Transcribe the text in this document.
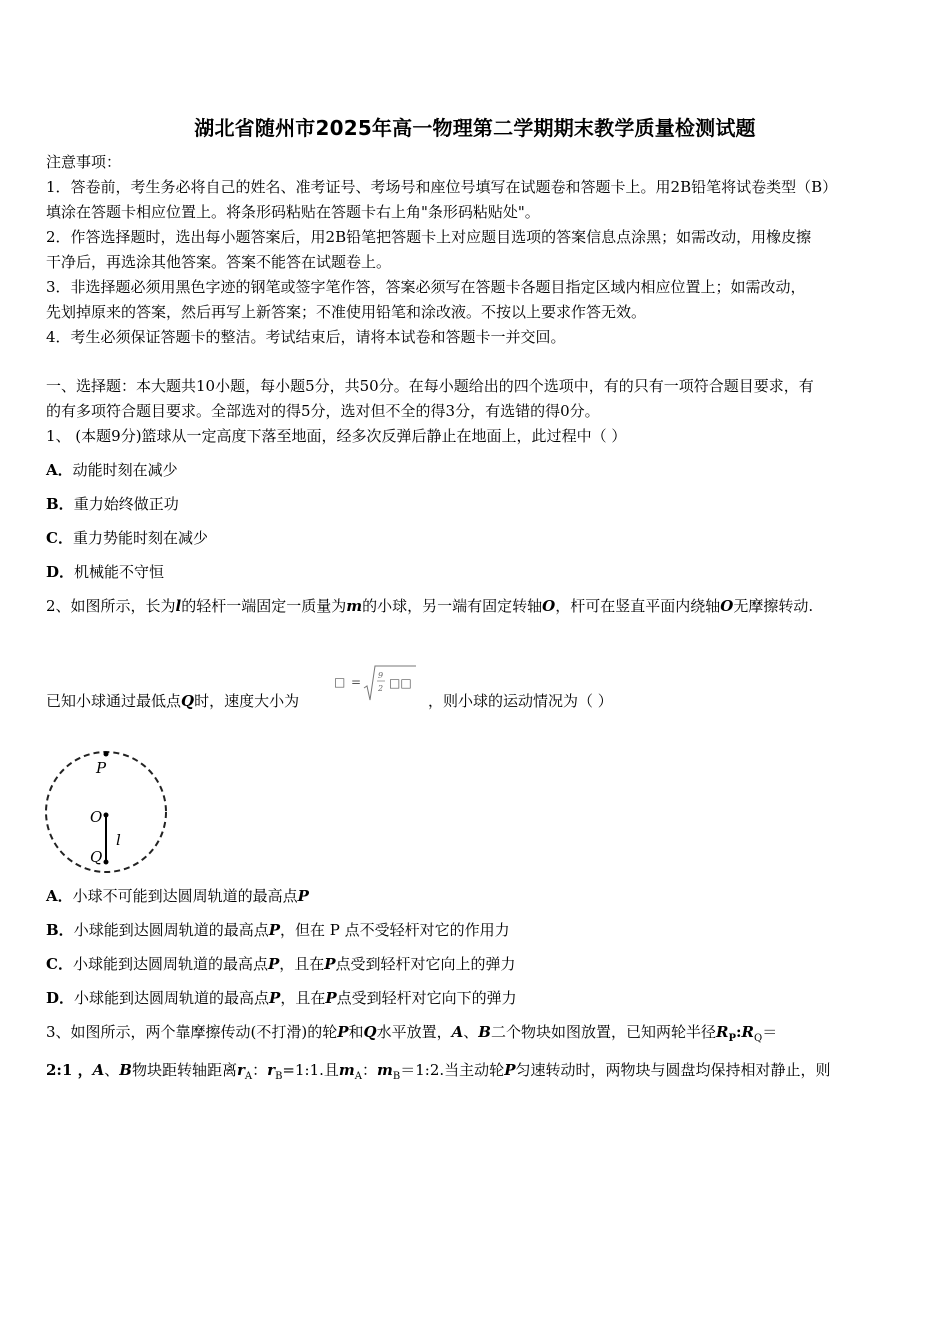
湖北省随州市2025年高一物理第二学期期末教学质量检测试题
注意事项：
1．答卷前，考生务必将自己的姓名、准考证号、考场号和座位号填写在试题卷和答题卡上。用2B铅笔将试卷类型（B）
填涂在答题卡相应位置上。将条形码粘贴在答题卡右上角"条形码粘贴处"。
2．作答选择题时，选出每小题答案后，用2B铅笔把答题卡上对应题目选项的答案信息点涂黑；如需改动，用橡皮擦
干净后，再选涂其他答案。答案不能答在试题卷上。
3．非选择题必须用黑色字迹的钢笔或签字笔作答，答案必须写在答题卡各题目指定区域内相应位置上；如需改动，
先划掉原来的答案，然后再写上新答案；不准使用铅笔和涂改液。不按以上要求作答无效。
4．考生必须保证答题卡的整洁。考试结束后，请将本试卷和答题卡一并交回。
一、选择题：本大题共10小题，每小题5分，共50分。在每小题给出的四个选项中，有的只有一项符合题目要求，有
的有多项符合题目要求。全部选对的得5分，选对但不全的得3分，有选错的得0分。
1、 (本题9分)篮球从一定高度下落至地面，经多次反弹后静止在地面上，此过程中（ ）
A．动能时刻在减少
B．重力始终做正功
C．重力势能时刻在减少
D．机械能不守恒
2、如图所示，长为l的轻杆一端固定一质量为m的小球，另一端有固定转轴O，杆可在竖直平面内绕轴O无摩擦转动.
已知小球通过最低点Q时，速度大小为	，则小球的运动情况为（ ）
□ = 9
2 □□
P
O
Q
l
A．小球不可能到达圆周轨道的最高点P
B．小球能到达圆周轨道的最高点P，但在 P 点不受轻杆对它的作用力
C．小球能到达圆周轨道的最高点P，且在P点受到轻杆对它向上的弹力
D．小球能到达圆周轨道的最高点P，且在P点受到轻杆对它向下的弹力
3、如图所示，两个靠摩擦传动(不打滑)的轮P和Q水平放置，A、B二个物块如图放置，已知两轮半径$R_P:R_Q=$
2:1 ，A、B物块距转轴距离$r_A$：$r_B=1:1$.且$m_A$：$m_B=1:2$.当主动轮P匀速转动时，两物块与圆盘均保持相对静止，则
